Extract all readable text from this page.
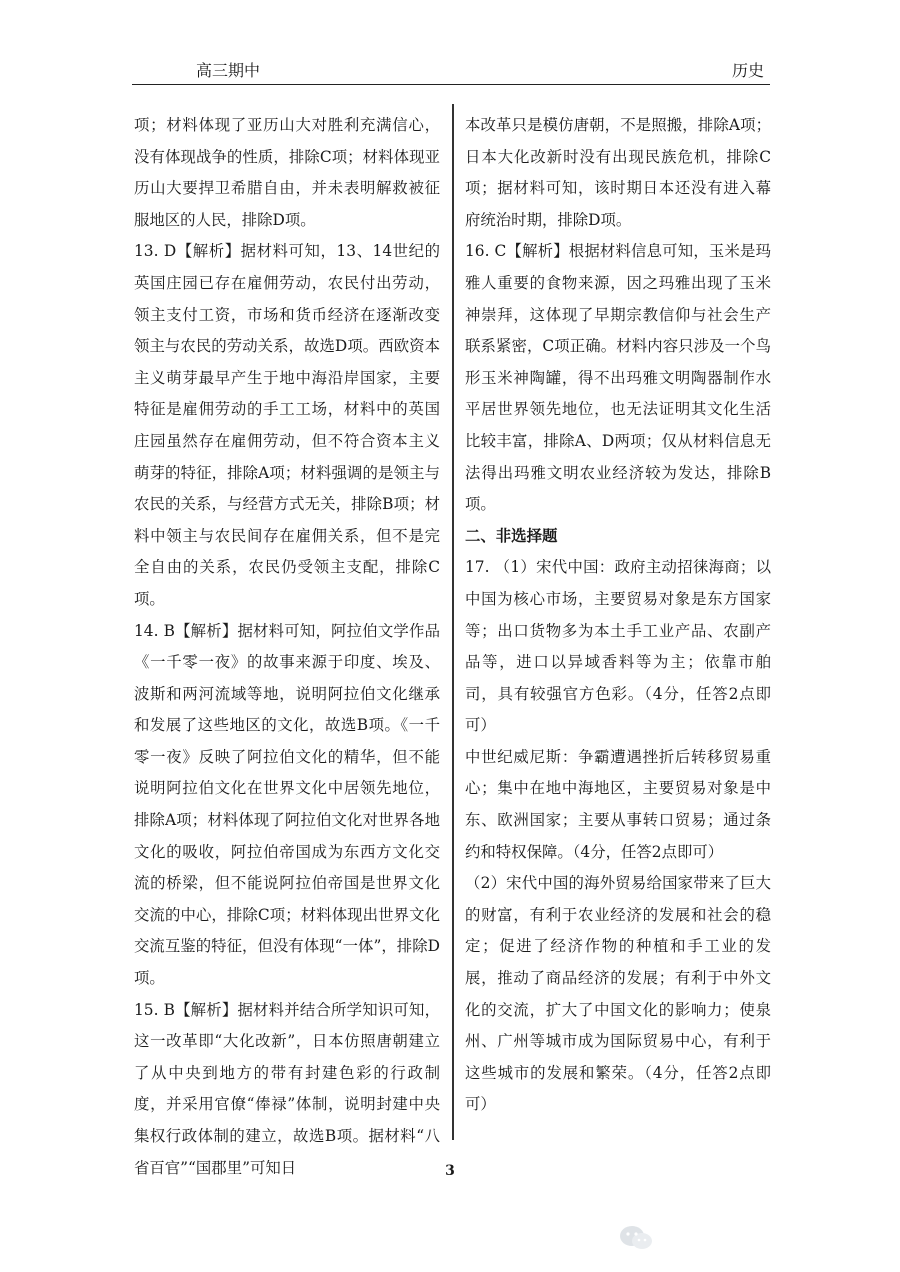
高三期中	历史

项；材料体现了亚历山大对胜利充满信心，没有体现战争的性质，排除C项；材料体现亚历山大要捍卫希腊自由，并未表明解救被征服地区的人民，排除D项。

13. D【解析】据材料可知，13、14世纪的英国庄园已存在雇佣劳动，农民付出劳动，领主支付工资，市场和货币经济在逐渐改变领主与农民的劳动关系，故选D项。西欧资本主义萌芽最早产生于地中海沿岸国家，主要特征是雇佣劳动的手工工场，材料中的英国庄园虽然存在雇佣劳动，但不符合资本主义萌芽的特征，排除A项；材料强调的是领主与农民的关系，与经营方式无关，排除B项；材料中领主与农民间存在雇佣关系，但不是完全自由的关系，农民仍受领主支配，排除C项。

14. B【解析】据材料可知，阿拉伯文学作品《一千零一夜》的故事来源于印度、埃及、波斯和两河流域等地，说明阿拉伯文化继承和发展了这些地区的文化，故选B项。《一千零一夜》反映了阿拉伯文化的精华，但不能说明阿拉伯文化在世界文化中居领先地位，排除A项；材料体现了阿拉伯文化对世界各地文化的吸收，阿拉伯帝国成为东西方文化交流的桥梁，但不能说阿拉伯帝国是世界文化交流的中心，排除C项；材料体现出世界文化交流互鉴的特征，但没有体现“一体”，排除D项。

15. B【解析】据材料并结合所学知识可知，这一改革即“大化改新”，日本仿照唐朝建立了从中央到地方的带有封建色彩的行政制度，并采用官僚“俸禄”体制，说明封建中央集权行政体制的建立，故选B项。据材料“八省百官”“国郡里”可知日

本改革只是模仿唐朝，不是照搬，排除A项；日本大化改新时没有出现民族危机，排除C项；据材料可知，该时期日本还没有进入幕府统治时期，排除D项。

16. C【解析】根据材料信息可知，玉米是玛雅人重要的食物来源，因之玛雅出现了玉米神崇拜，这体现了早期宗教信仰与社会生产联系紧密，C项正确。材料内容只涉及一个鸟形玉米神陶罐，得不出玛雅文明陶器制作水平居世界领先地位，也无法证明其文化生活比较丰富，排除A、D两项；仅从材料信息无法得出玛雅文明农业经济较为发达，排除B项。

二、非选择题

17. （1）宋代中国：政府主动招徕海商；以中国为核心市场，主要贸易对象是东方国家等；出口货物多为本土手工业产品、农副产品等，进口以异域香料等为主；依靠市舶司，具有较强官方色彩。（4分，任答2点即可）

中世纪威尼斯：争霸遭遇挫折后转移贸易重心；集中在地中海地区，主要贸易对象是中东、欧洲国家；主要从事转口贸易；通过条约和特权保障。（4分，任答2点即可）

（2）宋代中国的海外贸易给国家带来了巨大的财富，有利于农业经济的发展和社会的稳定；促进了经济作物的种植和手工业的发展，推动了商品经济的发展；有利于中外文化的交流，扩大了中国文化的影响力；使泉州、广州等城市成为国际贸易中心，有利于这些城市的发展和繁荣。（4分，任答2点即可）

3
